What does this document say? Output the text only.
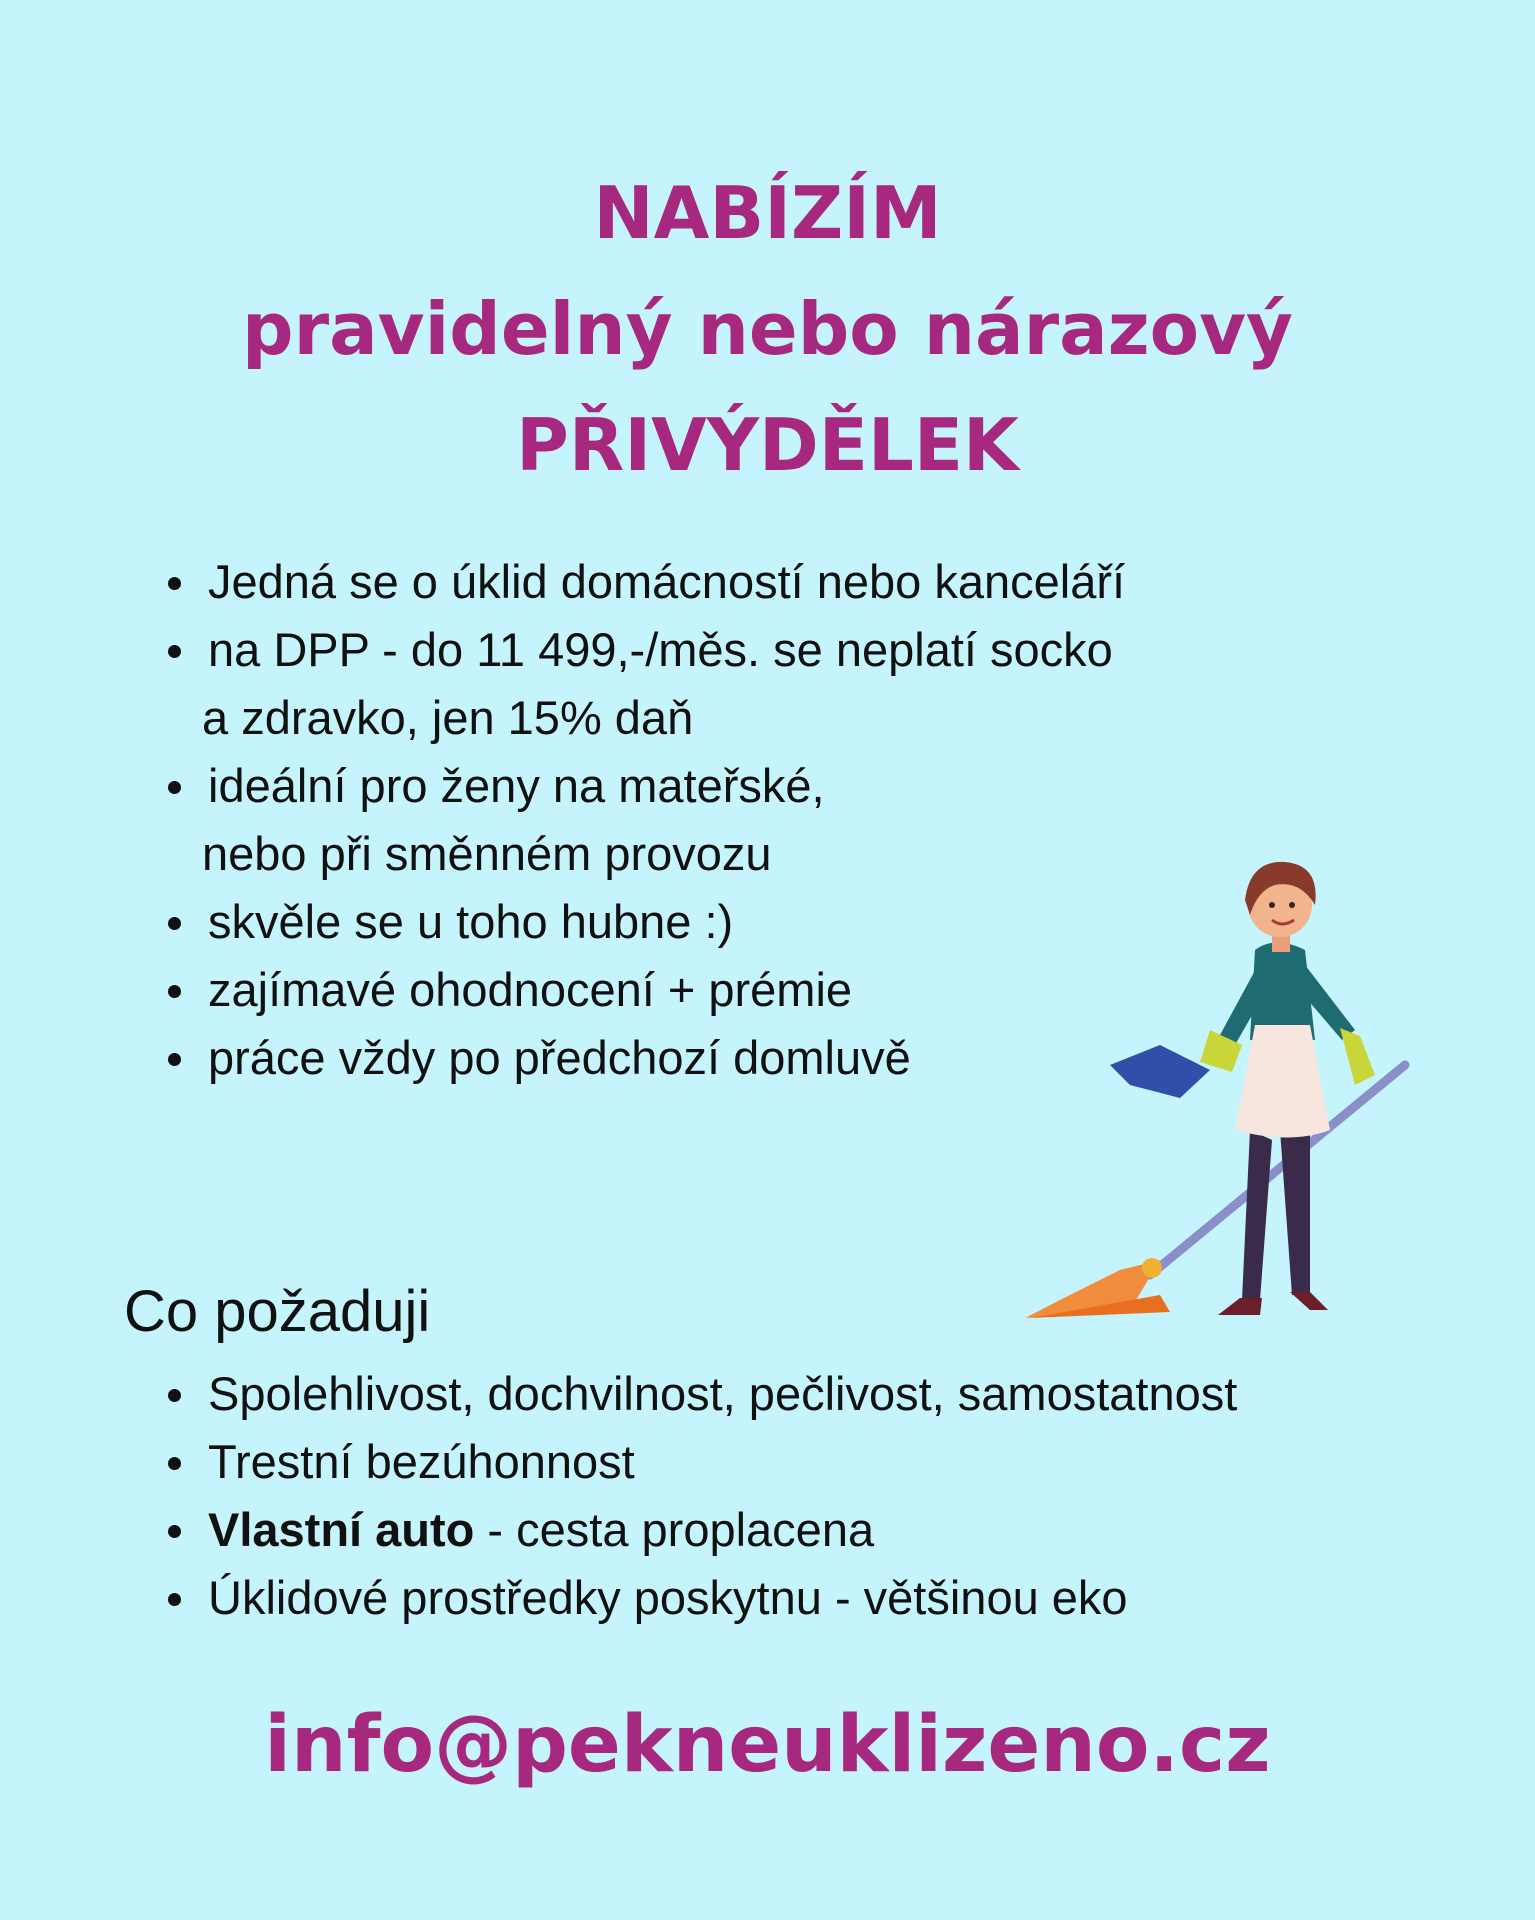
NABÍZÍM
pravidelný nebo nárazový
PŘIVÝDĚLEK
Jedná se o úklid domácností nebo kanceláří
na DPP - do 11 499,-/měs. se neplatí socko
a zdravko, jen 15% daň
ideální pro ženy na mateřské,
nebo při směnném provozu
skvěle se u toho hubne :)
zajímavé ohodnocení + prémie
práce vždy po předchozí domluvě
Co požaduji
Spolehlivost, dochvilnost, pečlivost, samostatnost
Trestní bezúhonnost
Vlastní auto - cesta proplacena
Úklidové prostředky poskytnu - většinou eko
info@pekneuklizeno.cz
